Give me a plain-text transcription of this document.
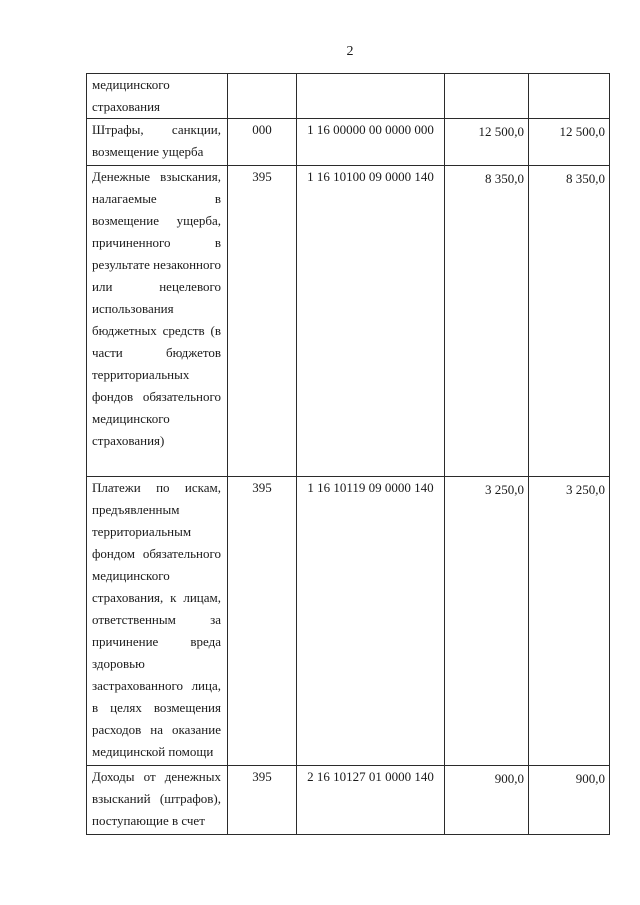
2
медицинского страхования				
Штрафы, санкции, возмещение ущерба	000	1 16 00000 00 0000 000	12 500,0	12 500,0
Денежные взыскания, налагаемые в возмещение ущерба, причиненного в результате незаконного или нецелевого использования бюджетных средств (в части бюджетов территориальных фондов обязательного медицинского страхования)	395	1 16 10100 09 0000 140	8 350,0	8 350,0
Платежи по искам, предъявленным территориальным фондом обязательного медицинского страхования, к лицам, ответственным за причинение вреда здоровью застрахованного лица, в целях возмещения расходов на оказание медицинской помощи	395	1 16 10119 09 0000 140	3 250,0	3 250,0
Доходы от денежных взысканий (штрафов), поступающие в счет	395	2 16 10127 01 0000 140	900,0	900,0
